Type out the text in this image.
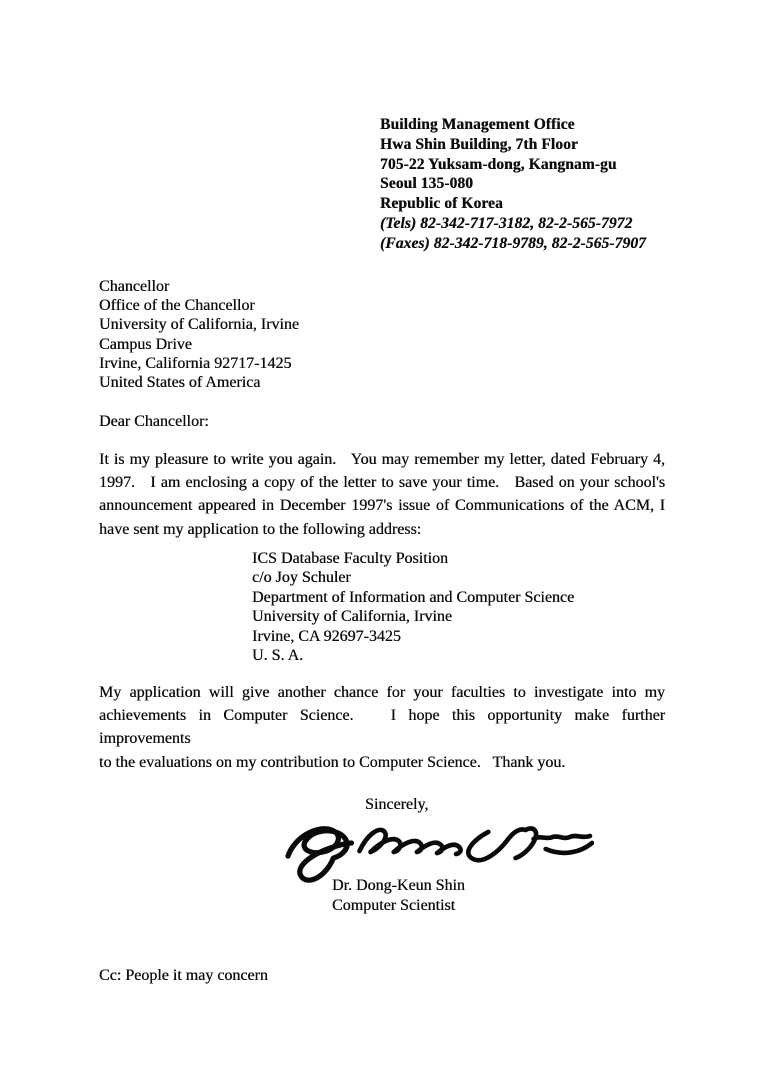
Building Management Office
Hwa Shin Building, 7th Floor
705-22 Yuksam-dong, Kangnam-gu
Seoul 135-080
Republic of Korea
(Tels) 82-342-717-3182, 82-2-565-7972
(Faxes) 82-342-718-9789, 82-2-565-7907
Chancellor
Office of the Chancellor
University of California, Irvine
Campus Drive
Irvine, California 92717-1425
United States of America
Dear Chancellor:
It is my pleasure to write you again.   You may remember my letter, dated February 4,
1997.   I am enclosing a copy of the letter to save your time.   Based on your school's
announcement appeared in December 1997's issue of Communications of the ACM, I
have sent my application to the following address:
ICS Database Faculty Position
c/o Joy Schuler
Department of Information and Computer Science
University of California, Irvine
Irvine, CA 92697-3425
U. S. A.
My application will give another chance for your faculties to investigate into my
achievements in Computer Science.   I hope this opportunity make further improvements
to the evaluations on my contribution to Computer Science.   Thank you.
Sincerely,
Dr. Dong-Keun Shin
Computer Scientist
Cc: People it may concern
